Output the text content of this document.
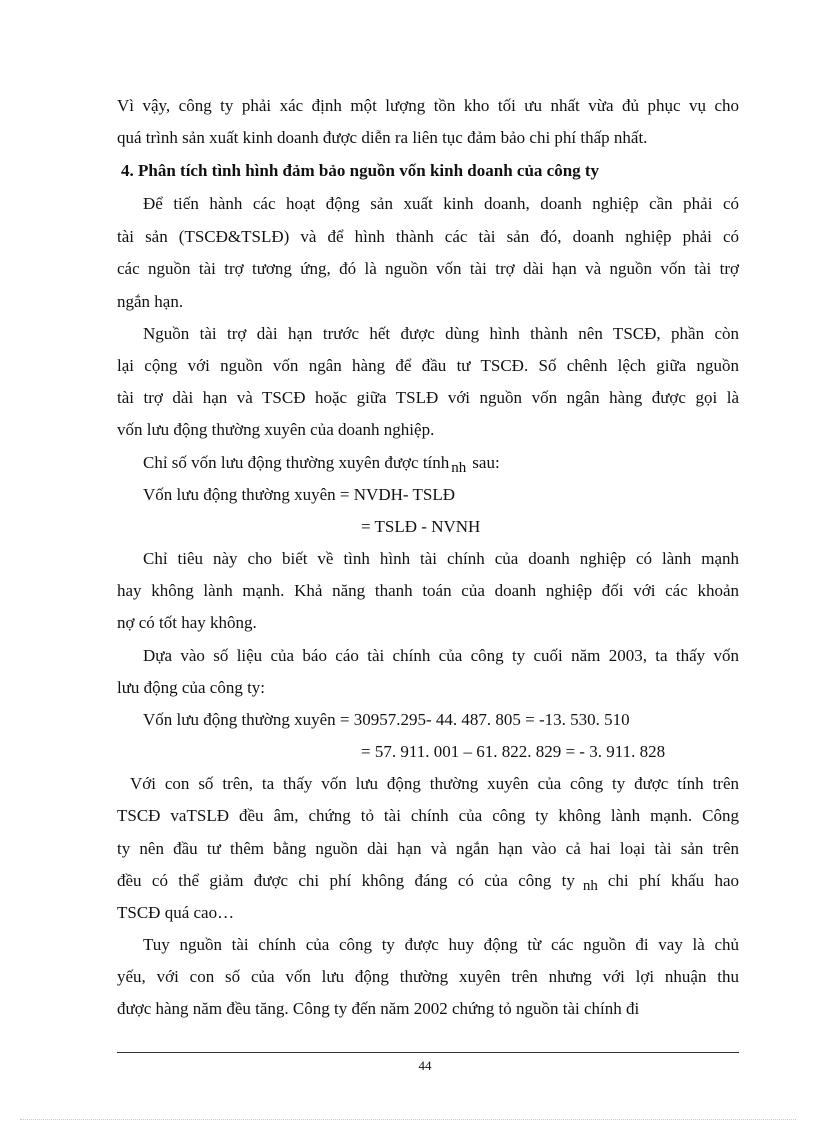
Vì vậy, công ty phải xác định một lượng tồn kho tối ưu nhất vừa đủ phục vụ cho
quá trình sản xuất kinh doanh được diễn ra liên tục đảm bảo chi phí thấp nhất.
4. Phân tích tình hình đảm bảo nguồn vốn kinh doanh của công ty
Để tiến hành các hoạt động sản xuất kinh doanh, doanh nghiệp cần phải có
tài sản (TSCĐ&TSLĐ) và để hình thành các tài sản đó, doanh nghiệp phải có
các nguồn tài trợ tương ứng, đó là nguồn vốn tài trợ dài hạn và nguồn vốn tài trợ
ngắn hạn.
Nguồn tài trợ dài hạn trước hết được dùng hình thành nên TSCĐ, phần còn
lại cộng với nguồn vốn ngân hàng để đầu tư TSCĐ. Số chênh lệch giữa nguồn
tài trợ dài hạn và TSCĐ hoặc giữa TSLĐ với nguồn vốn ngân hàng được gọi là
vốn lưu động thường xuyên của doanh nghiệp.
Chỉ số vốn lưu động thường xuyên được tính nh sau:
Vốn lưu động thường xuyên = NVDH- TSLĐ
= TSLĐ - NVNH
Chỉ tiêu này cho biết về tình hình tài chính của doanh nghiệp có lành mạnh
hay không lành mạnh. Khả năng thanh toán của doanh nghiệp đối với các khoản
nợ có tốt hay không.
Dựa vào số liệu của báo cáo tài chính của công ty cuối năm 2003, ta thấy vốn
lưu động của công ty:
Vốn lưu động thường xuyên = 30957.295- 44. 487. 805 = -13. 530. 510
= 57. 911. 001 – 61. 822. 829 = - 3. 911. 828
Với con số trên, ta thấy vốn lưu động thường xuyên của công ty được tính trên
TSCĐ vaTSLĐ đều âm, chứng tỏ tài chính của công ty không lành mạnh. Công
ty nên đầu tư thêm bằng nguồn dài hạn và ngắn hạn vào cả hai loại tài sản trên
đều có thể giảm được chi phí không đáng có của công ty nh chi phí khấu hao
TSCĐ quá cao…
Tuy nguồn tài chính của công ty được huy động từ các nguồn đi vay là chủ
yếu, với con số của vốn lưu động thường xuyên trên nhưng với lợi nhuận thu
được hàng năm đều tăng. Công ty đến năm 2002 chứng tỏ nguồn tài chính đi
44
